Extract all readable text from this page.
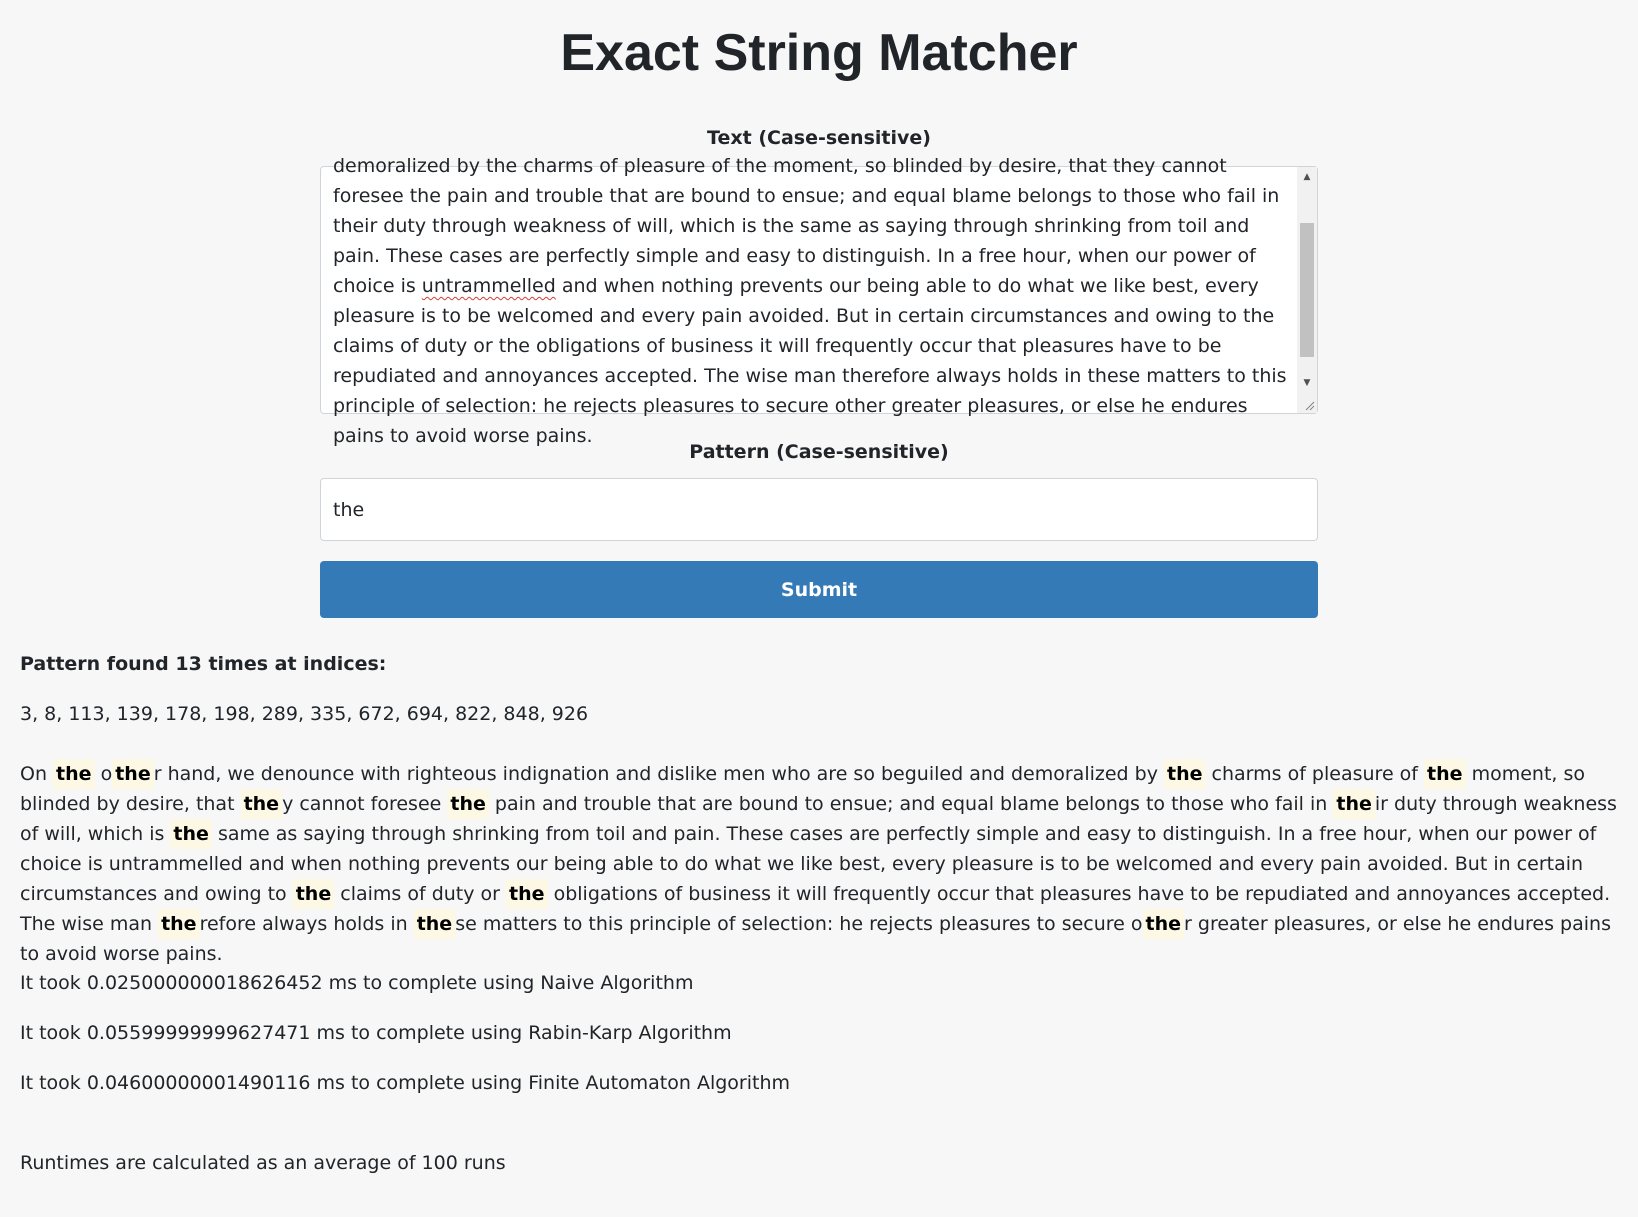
Exact String Matcher
Text (Case-sensitive)
demoralized by the charms of pleasure of the moment, so blinded by desire, that they cannot foresee the pain and trouble that are bound to ensue; and equal blame belongs to those who fail in their duty through weakness of will, which is the same as saying through shrinking from toil and pain. These cases are perfectly simple and easy to distinguish. In a free hour, when our power of choice is untrammelled and when nothing prevents our being able to do what we like best, every pleasure is to be welcomed and every pain avoided. But in certain circumstances and owing to the claims of duty or the obligations of business it will frequently occur that pleasures have to be repudiated and annoyances accepted. The wise man therefore always holds in these matters to this principle of selection: he rejects pleasures to secure other greater pleasures, or else he endures pains to avoid worse pains.
▲
▼
Pattern (Case-sensitive)
the
Submit
Pattern found 13 times at indices:
3, 8, 113, 139, 178, 198, 289, 335, 672, 694, 822, 848, 926
On the o the r hand, we denounce with righteous indignation and dislike men who are so beguiled and demoralized by the charms of pleasure of the moment, so blinded by desire, that the y cannot foresee the pain and trouble that are bound to ensue; and equal blame belongs to those who fail in the ir duty through weakness of will, which is the same as saying through shrinking from toil and pain. These cases are perfectly simple and easy to distinguish. In a free hour, when our power of choice is untrammelled and when nothing prevents our being able to do what we like best, every pleasure is to be welcomed and every pain avoided. But in certain circumstances and owing to the claims of duty or the obligations of business it will frequently occur that pleasures have to be repudiated and annoyances accepted. The wise man the refore always holds in the se matters to this principle of selection: he rejects pleasures to secure o the r greater pleasures, or else he endures pains to avoid worse pains.
It took 0.025000000018626452 ms to complete using Naive Algorithm
It took 0.05599999999627471 ms to complete using Rabin-Karp Algorithm
It took 0.04600000001490116 ms to complete using Finite Automaton Algorithm
Runtimes are calculated as an average of 100 runs
